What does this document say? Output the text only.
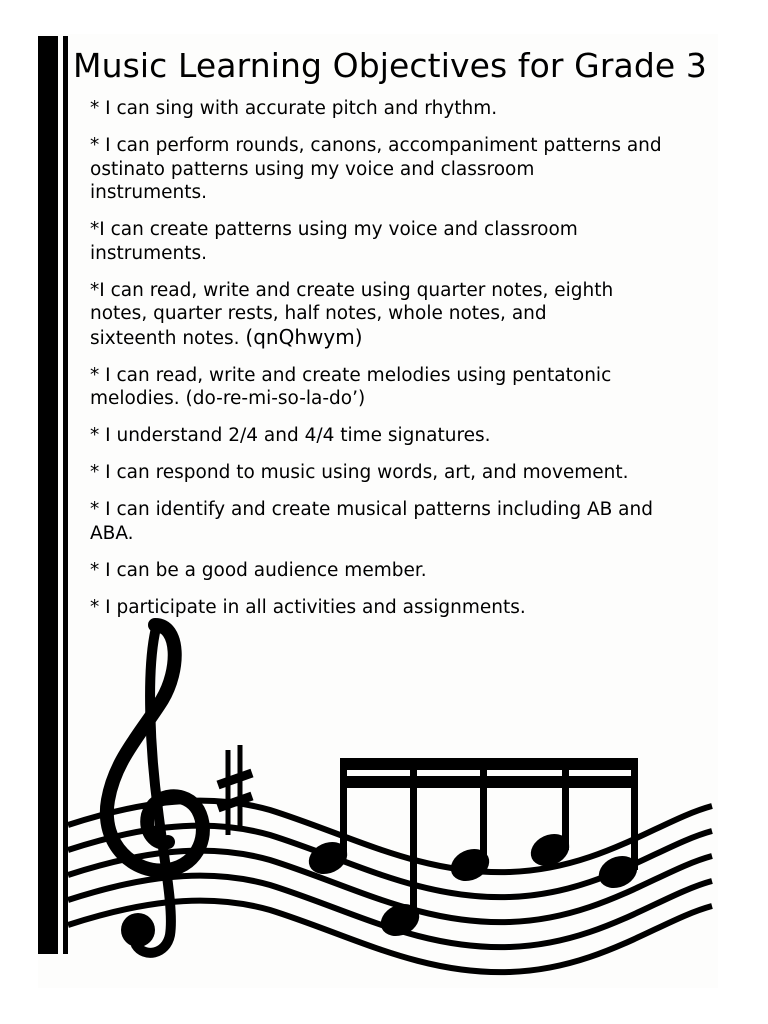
Music Learning Objectives for Grade 3
* I can sing with accurate pitch and rhythm.
* I can perform rounds, canons, accompaniment patterns and
ostinato patterns using my voice and classroom
instruments.
*I can create patterns using my voice and classroom
instruments.
*I can read, write and create using quarter notes, eighth
notes, quarter rests, half notes, whole notes, and
sixteenth notes. (qnQhwym)
* I can read, write and create melodies using pentatonic
melodies. (do-re-mi-so-la-do’)
* I understand 2/4 and 4/4 time signatures.
* I can respond to music using words, art, and movement.
* I can identify and create musical patterns including AB and
ABA.
* I can be a good audience member.
* I participate in all activities and assignments.
